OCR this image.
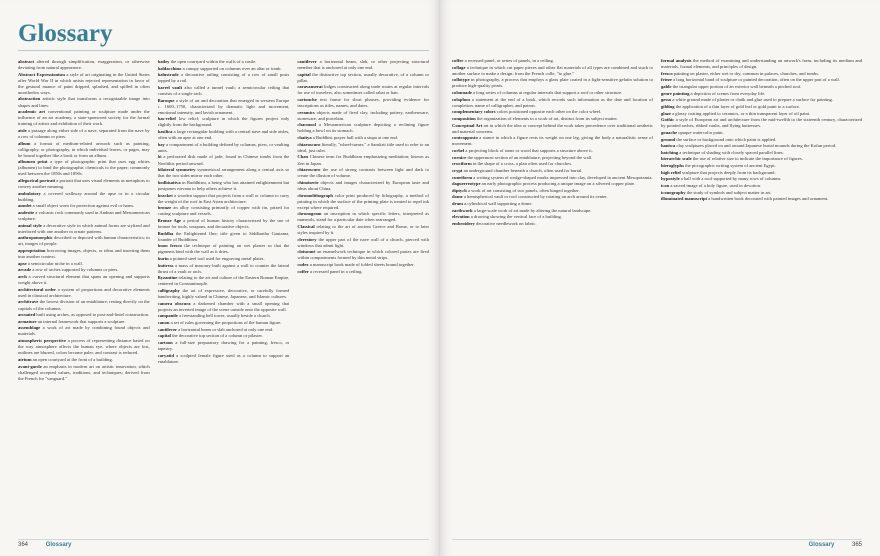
Glossary

abstract altered through simplification, exaggeration, or otherwise deviating from natural appearance.

Abstract Expressionism a style of art originating in the United States after World War II in which artists rejected representation in favor of the gestural nuance of paint dripped, splashed, and spilled in often unorthodox ways.

abstraction artistic style that transforms a recognizable image into shapes and lines.

academic art conventional painting or sculpture made under the influence of an art academy, a state-sponsored society for the formal training of artists and exhibition of their work.

aisle a passage along either side of a nave, separated from the nave by a row of columns or piers.

album a format of medium-related artwork such as painting, calligraphy, or photography, in which individual leaves, or pages, may be bound together like a book or form an album.

albumen print a type of photographic print that uses egg whites (albumen) to bind the photographic chemicals to the paper; commonly used between the 1850s and 1890s.

allegorical portrait a portrait that uses visual elements as metaphors to convey another meaning.

ambulatory a covered walkway around the apse or in a circular building.

amulet a small object worn for protection against evil or harm.

andesite a volcanic rock commonly used in Andean and Mesoamerican sculpture.

animal style a decorative style in which animal forms are stylized and interlaced with one another in ornate patterns.

anthropomorphic described or depicted with human characteristics; in art, images of people.

appropriation borrowing images, objects, or ideas and inserting them into another context.

apse a semicircular niche in a wall.

arcade a row of arches supported by columns or piers.

arch a curved structural element that spans an opening and supports weight above it.

architectural order a system of proportions and decorative elements used in classical architecture.

architrave the lowest division of an entablature, resting directly on the capitals of the columns.

arcuated built using arches, as opposed to post-and-lintel construction.

armature an internal framework that supports a sculpture.

assemblage a work of art made by combining found objects and materials.

atmospheric perspective a process of representing distance based on the way atmosphere affects the human eye, where objects are lost, outlines are blurred, colors become paler, and contrast is reduced.

atrium an open courtyard at the front of a building.

avant-garde an emphasis in modern art on artistic innovation, which challenged accepted values, traditions, and techniques; derived from the French for "vanguard."

bailey the open courtyard within the walls of a castle.

baldacchino a canopy supported on columns over an altar or tomb.

balustrade a decorative railing consisting of a row of small posts topped by a rail.

barrel vault also called a tunnel vault; a semicircular ceiling that consists of a single arch.

Baroque a style of art and decoration that emerged in western Europe c. 1600–1750, characterized by dramatic light and movement, emotional intensity, and lavish ornament.

bas-relief low relief; sculpture in which the figures project only slightly from the background.

basilica a large rectangular building with a central nave and side aisles, often with an apse at one end.

bay a compartment of a building defined by columns, piers, or vaulting units.

bi a perforated disk made of jade, found in Chinese tombs from the Neolithic period onward.

bilateral symmetry symmetrical arrangement along a central axis so that the two sides mirror each other.

bodhisattva in Buddhism, a being who has attained enlightenment but postpones nirvana to help others achieve it.

bracket a wooden support that projects from a wall or column to carry the weight of the roof in East Asian architecture.

bronze an alloy consisting primarily of copper with tin, prized for casting sculpture and vessels.

Bronze Age a period of human history characterized by the use of bronze for tools, weapons, and decorative objects.

Buddha the Enlightened One; title given to Siddhartha Gautama, founder of Buddhism.

buon fresco the technique of painting on wet plaster so that the pigments bind with the wall as it dries.

burin a pointed steel tool used for engraving metal plates.

buttress a mass of masonry built against a wall to counter the lateral thrust of a vault or arch.

Byzantine relating to the art and culture of the Eastern Roman Empire, centered in Constantinople.

calligraphy the art of expressive, decorative, or carefully formed handwriting, highly valued in Chinese, Japanese, and Islamic cultures.

camera obscura a darkened chamber with a small opening that projects an inverted image of the scene outside onto the opposite wall.

campanile a freestanding bell tower, usually beside a church.

canon a set of rules governing the proportions of the human figure.

cantilever a horizontal beam or slab anchored at only one end.

capital the decorative top section of a column or pilaster.

cartoon a full-size preparatory drawing for a painting, fresco, or tapestry.

caryatid a sculpted female figure used as a column to support an entablature.

cantilever a horizontal beam, slab, or other projecting structural member that is anchored at only one end.

capital the distinctive top section, usually decorative, of a column or pillar.

caravanserai lodges constructed along trade routes at regular intervals for use of travelers, also sometimes called rabat or han.

cartouche text frame for short phrases, providing evidence for inscriptions as titles, names, and dates.

ceramics objects made of fired clay, including pottery, earthenware, stoneware, and porcelain.

chacmool a Mesoamerican sculpture depicting a reclining figure holding a bowl on its stomach.

chaitya a Buddhist prayer hall with a stupa at one end.

chiaroscuro literally, "wheel-turner," a Sanskrit title used to refer to an ideal, just ruler.

Chan Chinese term for Buddhism emphasizing meditation; known as Zen in Japan.

chiaroscuro the use of strong contrasts between light and dark to create the illusion of volume.

chinoiserie objects and images characterized by European taste and ideas about China.

chromolithograph color print produced by lithography, a method of printing in which the surface of the printing plate is treated to repel ink except where required.

chronogram an inscription in which specific letters, interpreted as numerals, stand for a particular date when rearranged.

Classical relating to the art of ancient Greece and Rome, or to later styles inspired by it.

clerestory the upper part of the nave wall of a church, pierced with windows that admit light.

cloisonné an enamelwork technique in which colored pastes are fired within compartments formed by thin metal strips.

codex a manuscript book made of folded sheets bound together.

coffer a recessed panel in a ceiling.

364	Glossary

coffer a recessed panel, or series of panels, in a ceiling.

collage a technique in which cut paper pieces and other flat materials of all types are combined and stuck to another surface to make a design; from the French colle, "to glue."

collotype in photography, a process that employs a glass plate coated in a light-sensitive gelatin solution to produce high-quality prints.

colonnade a long series of columns at regular intervals that support a roof or other structure.

colophon a statement at the end of a book, which records such information as the date and location of completion, name of calligrapher, and patron.

complementary colors colors positioned opposite each other on the color wheel.

composition the organization of elements in a work of art, distinct from its subject matter.

Conceptual Art art in which the idea or concept behind the work takes precedence over traditional aesthetic and material concerns.

contrapposto a stance in which a figure rests its weight on one leg, giving the body a naturalistic sense of movement.

corbel a projecting block of stone or wood that supports a structure above it.

cornice the uppermost section of an entablature, projecting beyond the wall.

cruciform in the shape of a cross, a plan often used for churches.

crypt an underground chamber beneath a church, often used for burial.

cuneiform a writing system of wedge-shaped marks impressed into clay, developed in ancient Mesopotamia.

daguerreotype an early photographic process producing a unique image on a silvered copper plate.

diptych a work of art consisting of two panels, often hinged together.

dome a hemispherical vault or roof constructed by rotating an arch around its center.

drum a cylindrical wall supporting a dome.

earthwork a large-scale work of art made by altering the natural landscape.

elevation a drawing showing the vertical face of a building.

embroidery decorative needlework on fabric.

formal analysis the method of examining and understanding an artwork's form, including its medium and materials, formal elements, and principles of design.

fresco painting on plaster, either wet or dry, common in palaces, churches, and tombs.

frieze a long horizontal band of sculpture or painted decoration, often on the upper part of a wall.

gable the triangular upper portion of an exterior wall beneath a pitched roof.

genre painting a depiction of scenes from everyday life.

gesso a white ground made of plaster or chalk and glue used to prepare a surface for painting.

gilding the application of a thin layer of gold leaf or gold paint to a surface.

glaze a glassy coating applied to ceramics, or a thin transparent layer of oil paint.

Gothic a style of European art and architecture from the mid-twelfth to the sixteenth century, characterized by pointed arches, ribbed vaults, and flying buttresses.

gouache opaque watercolor paint.

ground the surface or background onto which paint is applied.

haniwa clay sculptures placed on and around Japanese burial mounds during the Kofun period.

hatching a technique of shading with closely spaced parallel lines.

hierarchic scale the use of relative size to indicate the importance of figures.

hieroglyphs the pictographic writing system of ancient Egypt.

high relief sculpture that projects deeply from its background.

hypostyle a hall with a roof supported by many rows of columns.

icon a sacred image of a holy figure, used in devotion.

iconography the study of symbols and subject matter in art.

illuminated manuscript a handwritten book decorated with painted images and ornament.

Glossary	365
